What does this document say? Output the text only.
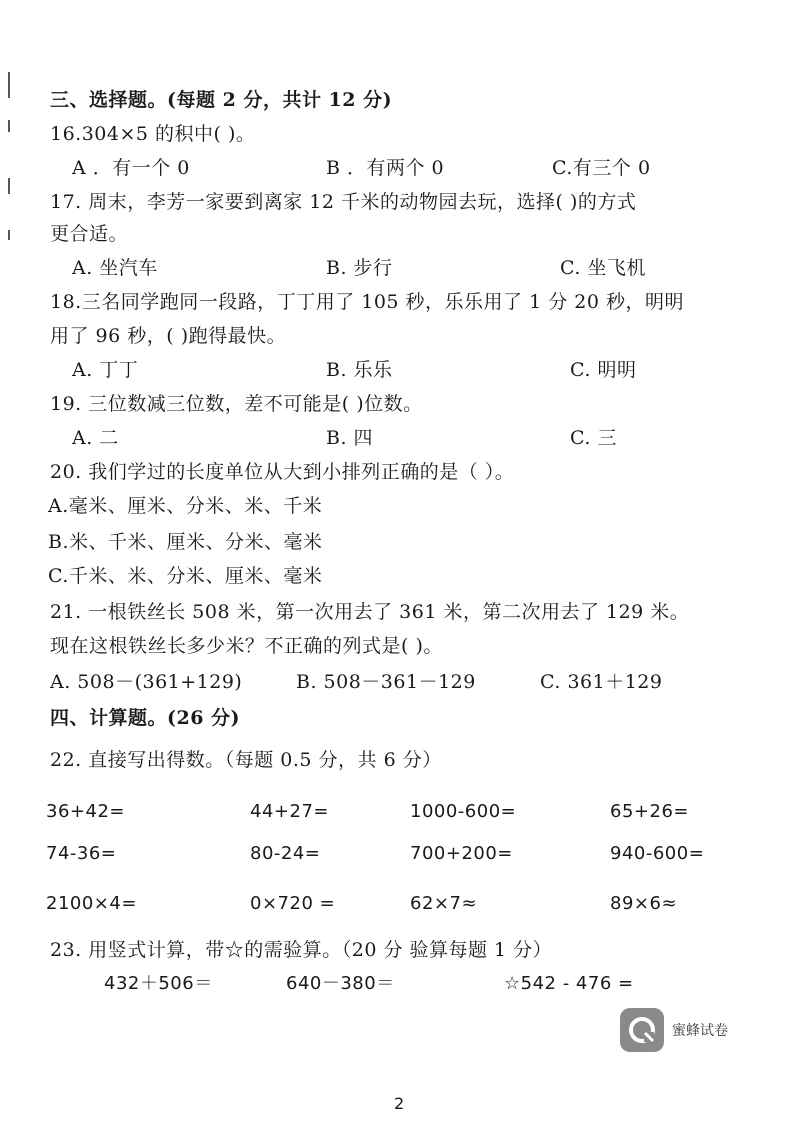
三、选择题。(每题 2 分，共计 12 分)
16.304×5 的积中( )。
A ．有一个 0	B ．有两个 0	C.有三个 0
17. 周末，李芳一家要到离家 12 千米的动物园去玩，选择( )的方式
更合适。
A. 坐汽车	B. 步行	C. 坐飞机
18.三名同学跑同一段路，丁丁用了 105 秒，乐乐用了 1 分 20 秒，明明
用了 96 秒，( )跑得最快。
A. 丁丁	B. 乐乐	C. 明明
19. 三位数减三位数，差不可能是( )位数。
A. 二	B. 四	C. 三
20. 我们学过的长度单位从大到小排列正确的是（ ）。
A.毫米、厘米、分米、米、千米
B.米、千米、厘米、分米、毫米
C.千米、米、分米、厘米、毫米
21. 一根铁丝长 508 米，第一次用去了 361 米，第二次用去了 129 米。
现在这根铁丝长多少米？不正确的列式是( )。
A. 508－(361+129)	B. 508－361－129	C. 361＋129
四、计算题。(26 分)
22. 直接写出得数。（每题 0.5 分，共 6 分）
36+42=	44+27=	1000-600=	65+26=
74-36=	80-24=	700+200=	940-600=
2100×4=	0×720 =	62×7≈	89×6≈
23. 用竖式计算，带☆的需验算。（20 分 验算每题 1 分）
432＋506＝	640－380＝	☆542 - 476 =
蜜蜂试卷
2
